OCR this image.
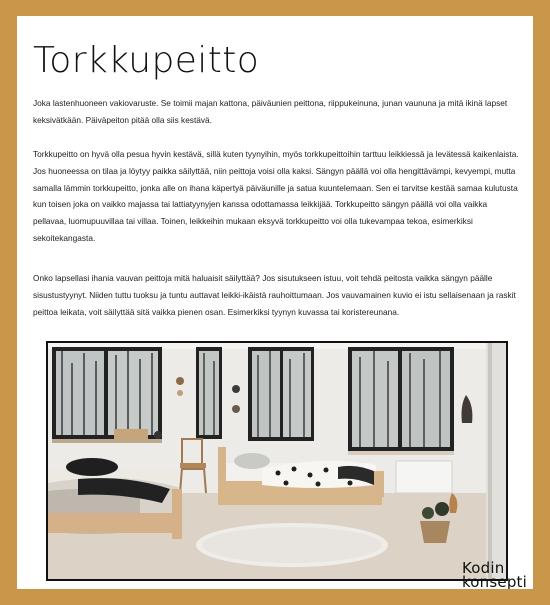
Torkkupeitto

Joka lastenhuoneen vakiovaruste. Se toimii majan kattona, päiväunien peittona, riippukeinuna, junan vaununa ja mitä ikinä lapset keksivätkään. Päiväpeiton pitää olla siis kestävä.

Torkkupeitto on hyvä olla pesua hyvin kestävä, sillä kuten tyynyihin, myös torkkupeittoihin tarttuu leikkiessä ja levätessä kaikenlaista. Jos huoneessa on tilaa ja löytyy paikka säilyttää, niin peittoja voisi olla kaksi. Sängyn päällä voi olla hengittävämpi, kevyempi, mutta samalla lämmin torkkupeitto, jonka alle on ihana käpertyä päiväunille ja satua kuuntelemaan. Sen ei tarvitse kestää samaa kulutusta kun toisen joka on vaikko majassa tai lattiatyynyjen kanssa odottamassa leikkijää. Torkkupeitto sängyn päällä voi olla vaikka pellavaa, luomupuuvillaa tai villaa. Toinen, leikkeihin mukaan eksyvä torkkupeitto voi olla tukevampaa tekoa, esimerkiksi sekoitekangasta.

Onko lapsellasi ihania vauvan peittoja mitä haluaisit säilyttää? Jos sisutukseen istuu, voit tehdä peitosta vaikka sängyn päälle sisustustyynyt. Niiden tuttu tuoksu ja tuntu auttavat leikki-ikäistä rauhoittumaan. Jos vauvamainen kuvio ei istu sellaisenaan ja raskit peittoa leikata, voit säilyttää sitä vaikka pienen osan. Esimerkiksi tyynyn kuvassa tai koristereunana.

Kodin
konsepti
